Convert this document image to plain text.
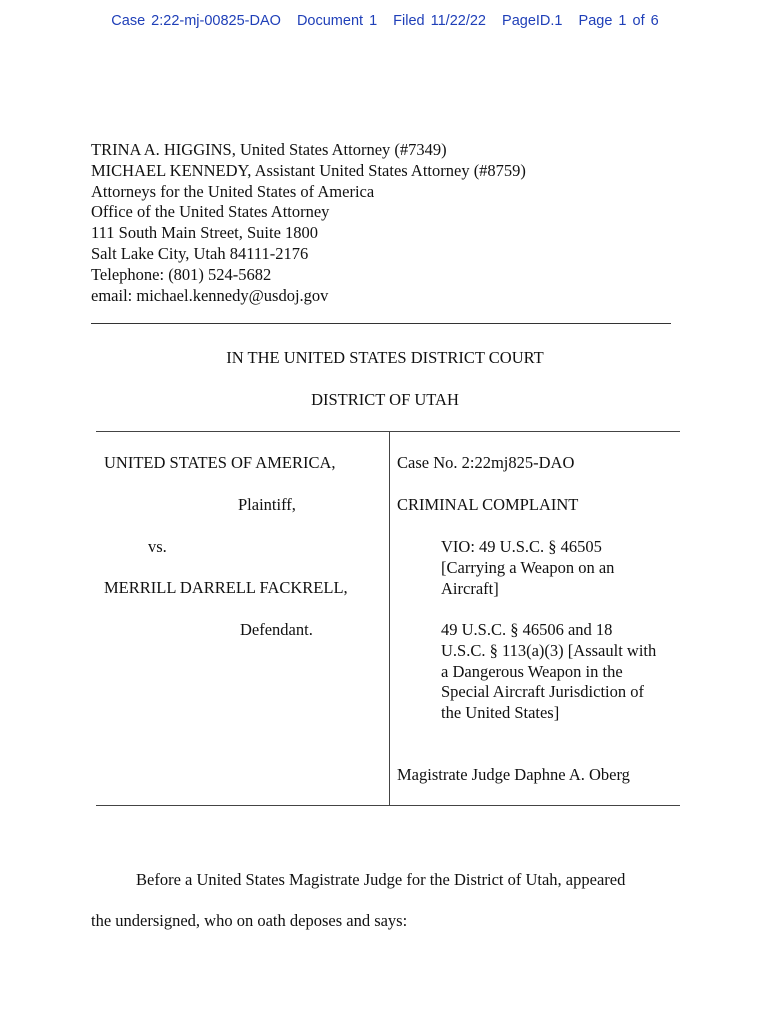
Case 2:22-mj-00825-DAO Document 1 Filed 11/22/22 PageID.1 Page 1 of 6
TRINA A. HIGGINS, United States Attorney (#7349)
MICHAEL KENNEDY, Assistant United States Attorney (#8759)
Attorneys for the United States of America
Office of the United States Attorney
111 South Main Street, Suite 1800
Salt Lake City, Utah 84111-2176
Telephone: (801) 524-5682
email: michael.kennedy@usdoj.gov
IN THE UNITED STATES DISTRICT COURT
DISTRICT OF UTAH
UNITED STATES OF AMERICA,
Plaintiff,
vs.
MERRILL DARRELL FACKRELL,
Defendant.
Case No. 2:22mj825-DAO
CRIMINAL COMPLAINT
VIO: 49 U.S.C. § 46505
[Carrying a Weapon on an
Aircraft]
49 U.S.C. § 46506 and 18
U.S.C. § 113(a)(3) [Assault with
a Dangerous Weapon in the
Special Aircraft Jurisdiction of
the United States]
Magistrate Judge Daphne A. Oberg
Before a United States Magistrate Judge for the District of Utah, appeared
the undersigned, who on oath deposes and says:
